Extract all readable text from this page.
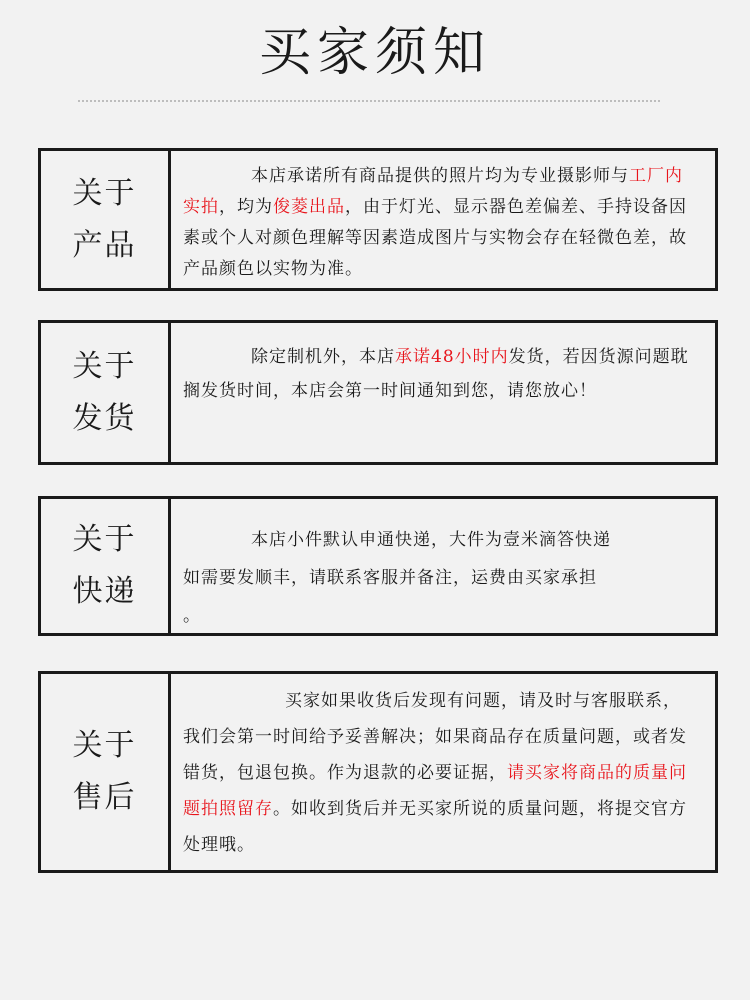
买家须知
关于
产品
本店承诺所有商品提供的照片均为专业摄影师与工厂内实拍，均为俊菱出品，由于灯光、显示器色差偏差、手持设备因素或个人对颜色理解等因素造成图片与实物会存在轻微色差，故产品颜色以实物为准。
关于
发货
除定制机外，本店承诺48小时内发货，若因货源问题耽搁发货时间，本店会第一时间通知到您，请您放心！
关于
快递
本店小件默认申通快递，大件为壹米滴答快递
如需要发顺丰，请联系客服并备注，运费由买家承担
。
关于
售后
买家如果收货后发现有问题，请及时与客服联系，我们会第一时间给予妥善解决；如果商品存在质量问题，或者发错货，包退包换。作为退款的必要证据，请买家将商品的质量问题拍照留存。如收到货后并无买家所说的质量问题，将提交官方处理哦。
